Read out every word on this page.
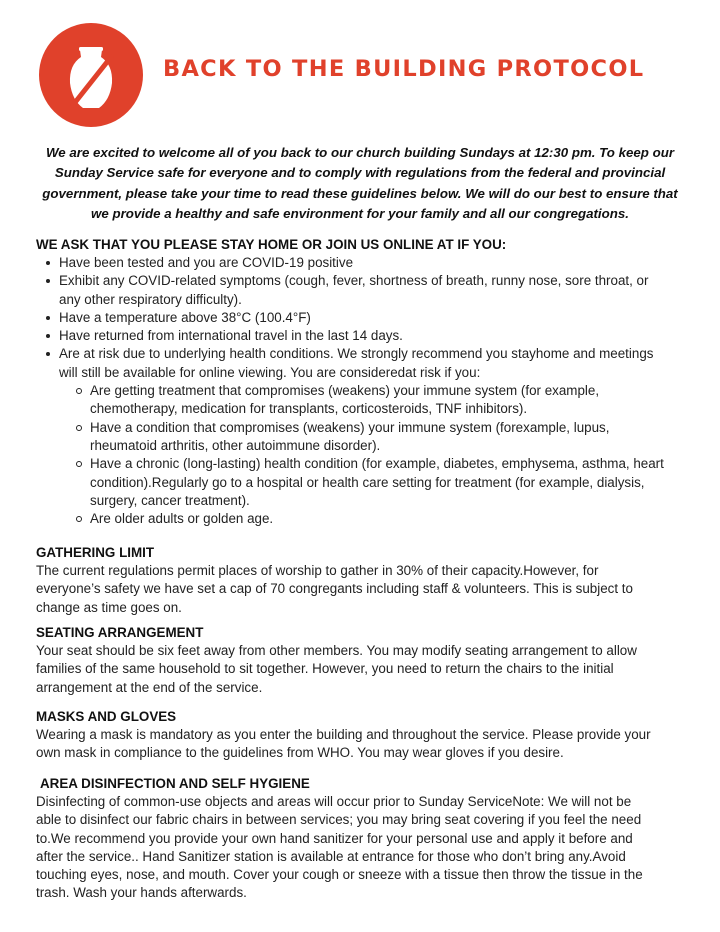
BACK TO THE BUILDING PROTOCOL

We are excited to welcome all of you back to our church building Sundays at 12:30 pm. To keep our

Sunday Service safe for everyone and to comply with regulations from the federal and provincial

government, please take your time to read these guidelines below. We will do our best to ensure that

we provide a healthy and safe environment for your family and all our congregations.

WE ASK THAT YOU PLEASE STAY HOME OR JOIN US ONLINE AT IF YOU:

Have been tested and you are COVID-19 positive

Exhibit any COVID-related symptoms (cough, fever, shortness of breath, runny nose, sore throat, or

any other respiratory difficulty).

Have a temperature above 38°C (100.4°F)

Have returned from international travel in the last 14 days.

Are at risk due to underlying health conditions. We strongly recommend you stayhome and meetings

will still be available for online viewing. You are consideredat risk if you:

Are getting treatment that compromises (weakens) your immune system (for example,

chemotherapy, medication for transplants, corticosteroids, TNF inhibitors).

Have a condition that compromises (weakens) your immune system (forexample, lupus,

rheumatoid arthritis, other autoimmune disorder).

Have a chronic (long-lasting) health condition (for example, diabetes, emphysema, asthma, heart

condition).Regularly go to a hospital or health care setting for treatment (for example, dialysis,

surgery, cancer treatment).

Are older adults or golden age.

GATHERING LIMIT

The current regulations permit places of worship to gather in 30% of their capacity.However, for

everyone’s safety we have set a cap of 70 congregants including staff & volunteers. This is subject to

change as time goes on.

SEATING ARRANGEMENT

Your seat should be six feet away from other members. You may modify seating arrangement to allow

families of the same household to sit together. However, you need to return the chairs to the initial

arrangement at the end of the service.

MASKS AND GLOVES

Wearing a mask is mandatory as you enter the building and throughout the service. Please provide your

own mask in compliance to the guidelines from WHO. You may wear gloves if you desire.

AREA DISINFECTION AND SELF HYGIENE

Disinfecting of common-use objects and areas will occur prior to Sunday ServiceNote: We will not be

able to disinfect our fabric chairs in between services; you may bring seat covering if you feel the need

to.We recommend you provide your own hand sanitizer for your personal use and apply it before and

after the service.. Hand Sanitizer station is available at entrance for those who don’t bring any.Avoid

touching eyes, nose, and mouth. Cover your cough or sneeze with a tissue then throw the tissue in the

trash. Wash your hands afterwards.
